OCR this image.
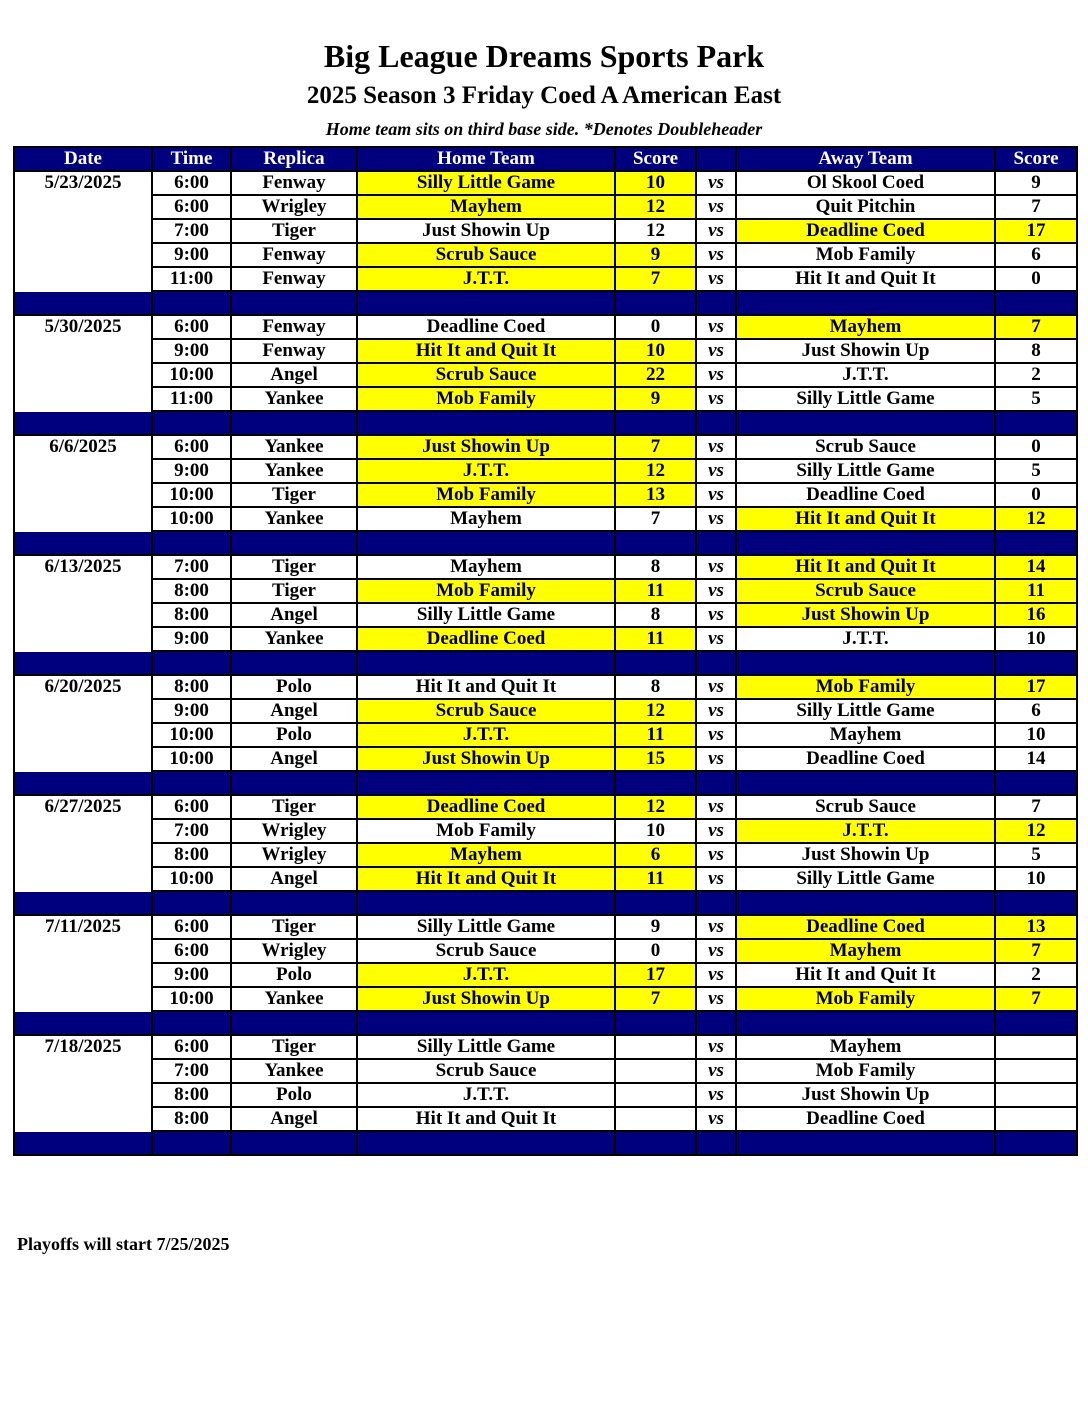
Big League Dreams Sports Park
2025 Season 3 Friday Coed A American East
Home team sits on third base side. *Denotes Doubleheader
Date	Time	Replica	Home Team	Score		Away Team	Score
5/23/2025	6:00	Fenway	Silly Little Game	10	vs	Ol Skool Coed	9
	6:00	Wrigley	Mayhem	12	vs	Quit Pitchin	7
	7:00	Tiger	Just Showin Up	12	vs	Deadline Coed	17
	9:00	Fenway	Scrub Sauce	9	vs	Mob Family	6
	11:00	Fenway	J.T.T.	7	vs	Hit It and Quit It	0

5/30/2025	6:00	Fenway	Deadline Coed	0	vs	Mayhem	7
	9:00	Fenway	Hit It and Quit It	10	vs	Just Showin Up	8
	10:00	Angel	Scrub Sauce	22	vs	J.T.T.	2
	11:00	Yankee	Mob Family	9	vs	Silly Little Game	5

6/6/2025	6:00	Yankee	Just Showin Up	7	vs	Scrub Sauce	0
	9:00	Yankee	J.T.T.	12	vs	Silly Little Game	5
	10:00	Tiger	Mob Family	13	vs	Deadline Coed	0
	10:00	Yankee	Mayhem	7	vs	Hit It and Quit It	12

6/13/2025	7:00	Tiger	Mayhem	8	vs	Hit It and Quit It	14
	8:00	Tiger	Mob Family	11	vs	Scrub Sauce	11
	8:00	Angel	Silly Little Game	8	vs	Just Showin Up	16
	9:00	Yankee	Deadline Coed	11	vs	J.T.T.	10

6/20/2025	8:00	Polo	Hit It and Quit It	8	vs	Mob Family	17
	9:00	Angel	Scrub Sauce	12	vs	Silly Little Game	6
	10:00	Polo	J.T.T.	11	vs	Mayhem	10
	10:00	Angel	Just Showin Up	15	vs	Deadline Coed	14

6/27/2025	6:00	Tiger	Deadline Coed	12	vs	Scrub Sauce	7
	7:00	Wrigley	Mob Family	10	vs	J.T.T.	12
	8:00	Wrigley	Mayhem	6	vs	Just Showin Up	5
	10:00	Angel	Hit It and Quit It	11	vs	Silly Little Game	10

7/11/2025	6:00	Tiger	Silly Little Game	9	vs	Deadline Coed	13
	6:00	Wrigley	Scrub Sauce	0	vs	Mayhem	7
	9:00	Polo	J.T.T.	17	vs	Hit It and Quit It	2
	10:00	Yankee	Just Showin Up	7	vs	Mob Family	7

7/18/2025	6:00	Tiger	Silly Little Game		vs	Mayhem	
	7:00	Yankee	Scrub Sauce		vs	Mob Family	
	8:00	Polo	J.T.T.		vs	Just Showin Up	
	8:00	Angel	Hit It and Quit It		vs	Deadline Coed	

Playoffs will start 7/25/2025
